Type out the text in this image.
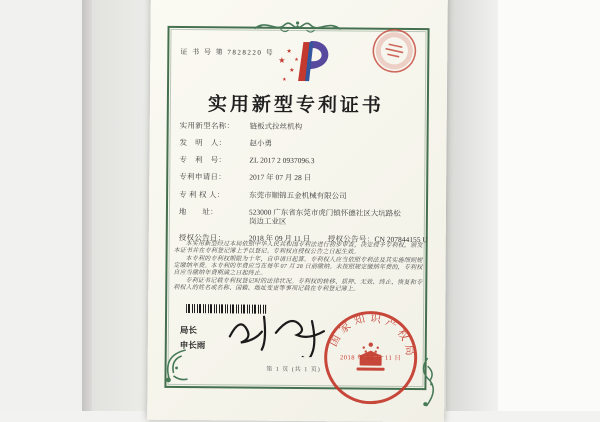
证 书 号 第 7828220 号
★
★
★
★
★
实用新型专利证书
实用新型名称：	链板式拉丝机构
发　明　人：	赵小勇
专　利　号：	ZL 2017 2 0937096.3
专利申请日：	2017 年 07 月 28 日
专 利 权 人：	东莞市顺锦五金机械有限公司
地　　址：	523000 广东省东莞市虎门镇怀德社区大坑路松岗边工业区
授权公告日：	2018 年 09 月 11 日	授权公告号： CN 207844155 U

本实用新型经过本局依照中华人民共和国专利法进行初步审查，决定授予专利权，颁发本证书并在专利登记簿上予以登记。专利权自授权公告之日起生效。

本专利的专利权期限为十年，自申请日起算。专利权人应当依照专利法及其实施细则规定缴纳年费。本专利的年费应当在每年 07 月 28 日前缴纳。未按照规定缴纳年费的，专利权自应当缴纳年费期满之日起终止。

专利证书记载专利权登记时的法律状况。专利权的转移、质押、无效、终止、恢复和专利权人的姓名或名称、国籍、地址变更等事项记载在专利登记簿上。

局长
申长雨	国家知识产权局
2018 年 09 月 11 日
第 1 页 (共 1 页)
